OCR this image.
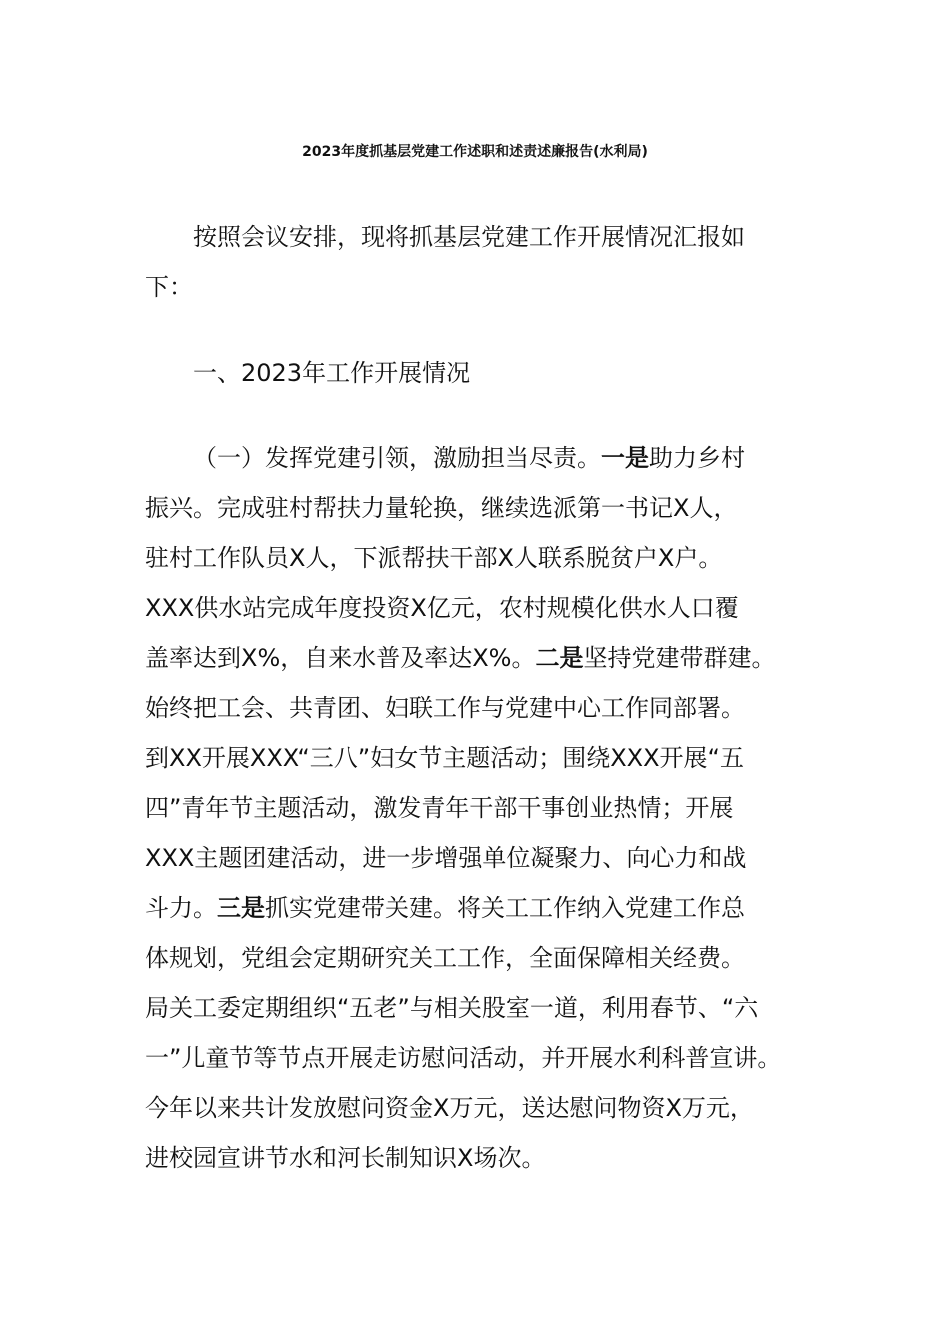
2023年度抓基层党建工作述职和述责述廉报告(水利局)
按照会议安排，现将抓基层党建工作开展情况汇报如
下：
一、2023年工作开展情况
（一）发挥党建引领，激励担当尽责。一是助力乡村
振兴。完成驻村帮扶力量轮换，继续选派第一书记X人，
驻村工作队员X人，下派帮扶干部X人联系脱贫户X户。
XXX供水站完成年度投资X亿元，农村规模化供水人口覆
盖率达到X%，自来水普及率达X%。二是坚持党建带群建。
始终把工会、共青团、妇联工作与党建中心工作同部署。
到XX开展XXX“三八”妇女节主题活动；围绕XXX开展“五
四”青年节主题活动，激发青年干部干事创业热情；开展
XXX主题团建活动，进一步增强单位凝聚力、向心力和战
斗力。三是抓实党建带关建。将关工工作纳入党建工作总
体规划，党组会定期研究关工工作，全面保障相关经费。
局关工委定期组织“五老”与相关股室一道，利用春节、“六
一”儿童节等节点开展走访慰问活动，并开展水利科普宣讲。
今年以来共计发放慰问资金X万元，送达慰问物资X万元，
进校园宣讲节水和河长制知识X场次。
